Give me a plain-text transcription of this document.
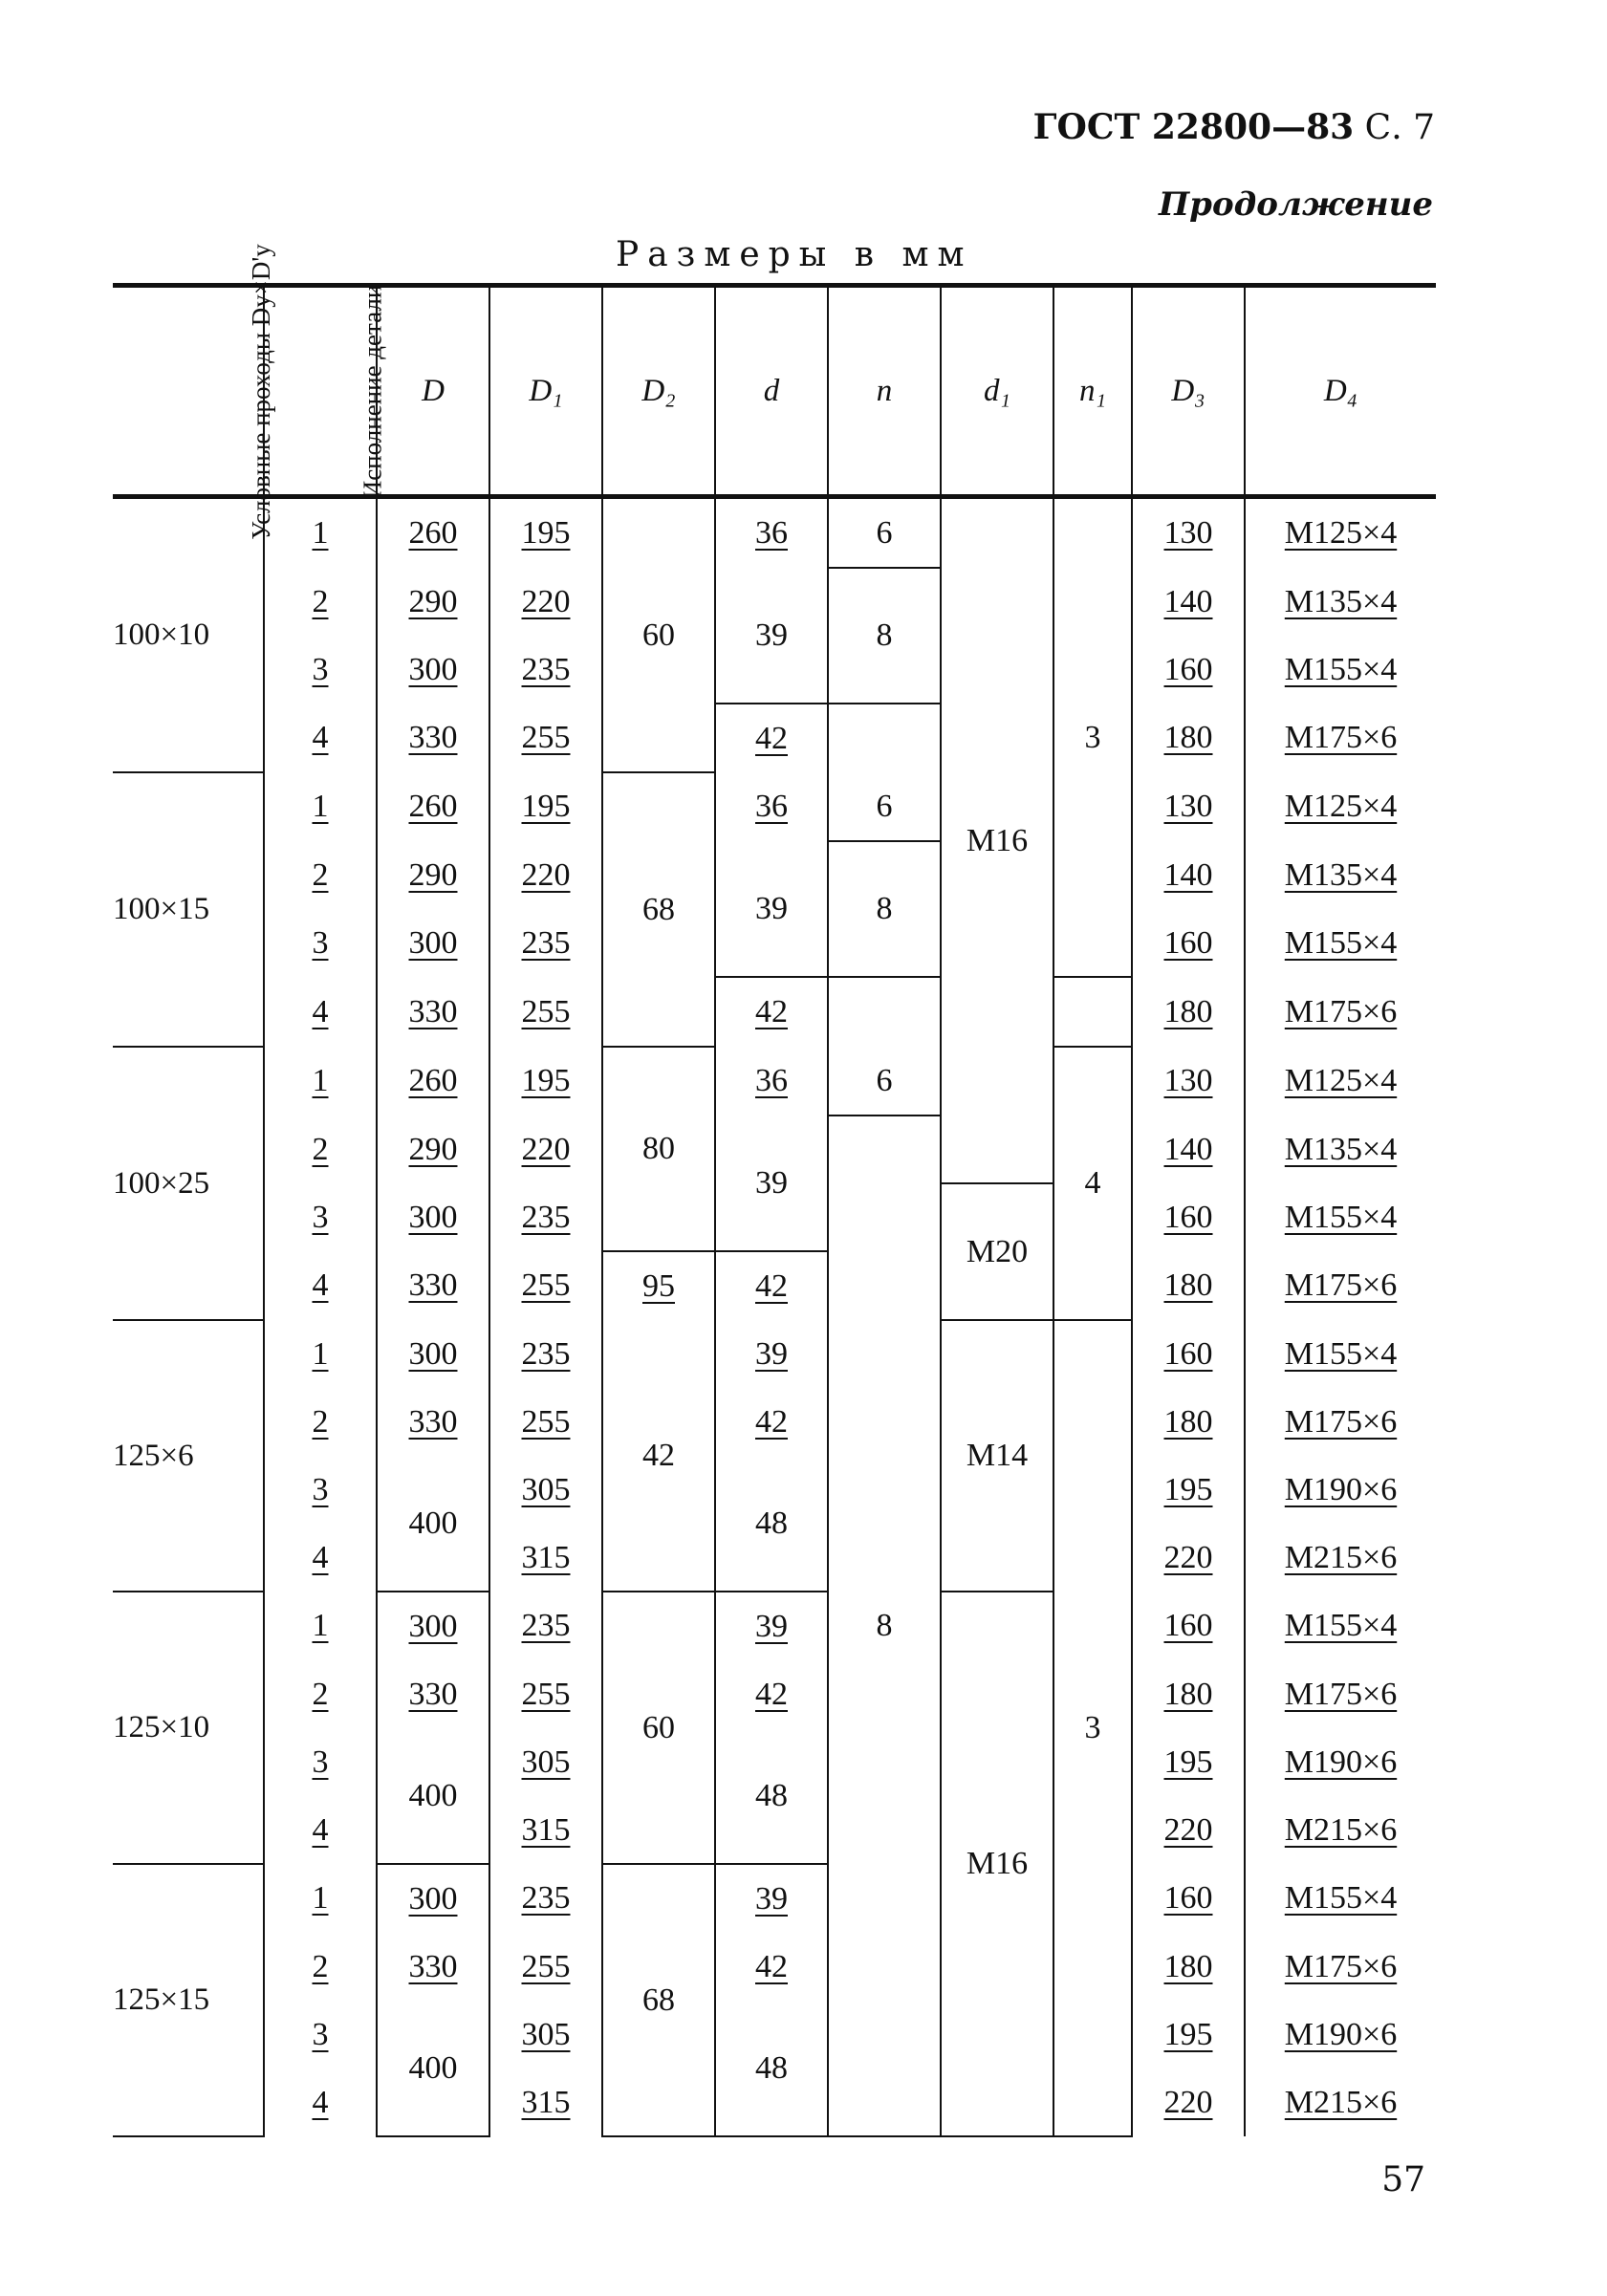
ГОСТ 22800—83 С. 7
Продолжение
Размеры в мм
Условные проходы Dy×D'y	Исполнение детали	D	D₁	D₂	d	n	d₁	n₁	D₃	D₄
100×10	1	260	195	60	36	6	M16	3	130	M125×4
	2	290	220		39	8			140	M135×4
	3	300	235						160	M155×4
	4	330	255		42				180	M175×6
100×15	1	260	195	68	36	6			130	M125×4
	2	290	220		39	8			140	M135×4
	3	300	235						160	M155×4
	4	330	255		42				180	M175×6
100×25	1	260	195	80	36	6		4	130	M125×4
	2	290	220		39	8			140	M135×4
	3	300	235				M20		160	M155×4
	4	330	255	95	42				180	M175×6
125×6	1	300	235	42	39		M14	3	160	M155×4
	2	330	255		42				180	M175×6
	3	400	305		48				195	M190×6
	4		315						220	M215×6
125×10	1	300	235	60	39		M16		160	M155×4
	2	330	255		42				180	M175×6
	3	400	305		48				195	M190×6
	4		315						220	M215×6
125×15	1	300	235	68	39				160	M155×4
	2	330	255		42				180	M175×6
	3	400	305		48				195	M190×6
	4		315						220	M215×6
57
